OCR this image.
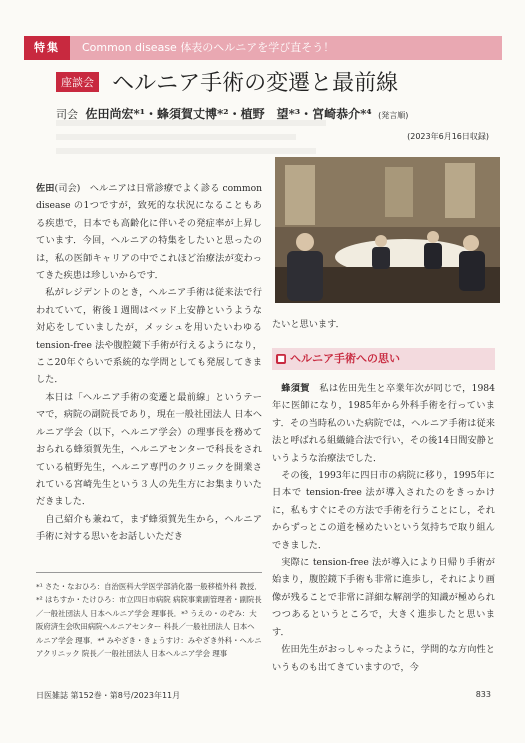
特集	Common disease 体表のヘルニアを学び直そう！
座談会 ヘルニア手術の変遷と最前線
司会 佐田尚宏*¹・蜂須賀丈博*²・植野　望*³・宮崎恭介*⁴ (発言順)
(2023年6月16日収録)

佐田(司会)　 ヘルニアは日常診療でよく診る common disease の1つですが，致死的な状況になることもある疾患で，日本でも高齢化に伴いその発症率が上昇しています．今回，ヘルニアの特集をしたいと思ったのは，私の医師キャリアの中でこれほど治療法が変わってきた疾患は珍しいからです．

私がレジデントのとき，ヘルニア手術は従来法で行われていて，術後１週間はベッド上安静というような対応をしていましたが，メッシュを用いたいわゆる tension-free 法や腹腔鏡下手術が行えるようになり，ここ20年ぐらいで系統的な学問としても発展してきました．

本日は「ヘルニア手術の変遷と最前線」というテーマで，病院の副院長であり，現在一般社団法人 日本ヘルニア学会（以下，ヘルニア学会）の理事長を務めておられる蜂須賀先生，ヘルニアセンターで科長をされている植野先生，ヘルニア専門のクリニックを開業されている宮崎先生という３人の先生方にお集まりいただきました．

自己紹介も兼ねて，まず蜂須賀先生から，ヘルニア手術に対する思いをお話しいただき

たいと思います．

■ ヘルニア手術への思い

蜂須賀　 私は佐田先生と卒業年次が同じで，1984年に医師になり，1985年から外科手術を行っています．その当時私のいた病院では，ヘルニア手術は従来法と呼ばれる組織縫合法で行い，その後14日間安静というような治療法でした．

その後，1993年に四日市の病院に移り，1995年に日本で tension-free 法が導入されたのをきっかけに，私もすぐにその方法で手術を行うことにし，それからずっとこの道を極めたいという気持ちで取り組んできました．

実際に tension-free 法が導入により日帰り手術が始まり，腹腔鏡下手術も非常に進歩し，それにより画像が残ることで非常に詳細な解剖学的知識が極められつつあるというところで，大きく進歩したと思います．

佐田先生がおっしゃったように，学問的な方向性というものも出てきていますので，今

*¹ さた・なおひろ：自治医科大学医学部消化器一般移植外科 教授．*² はちすか・たけひろ：市立四日市病院 病院事業副管理者・副院長／一般社団法人 日本ヘルニア学会 理事長．*³ うえの・のぞみ：大阪府済生会吹田病院ヘルニアセンター 科長／一般社団法人 日本ヘルニア学会 理事．*⁴ みやざき・きょうすけ：みやざき外科・ヘルニアクリニック 院長／一般社団法人 日本ヘルニア学会 理事

日医雑誌 第152巻・第8号/2023年11月	833
